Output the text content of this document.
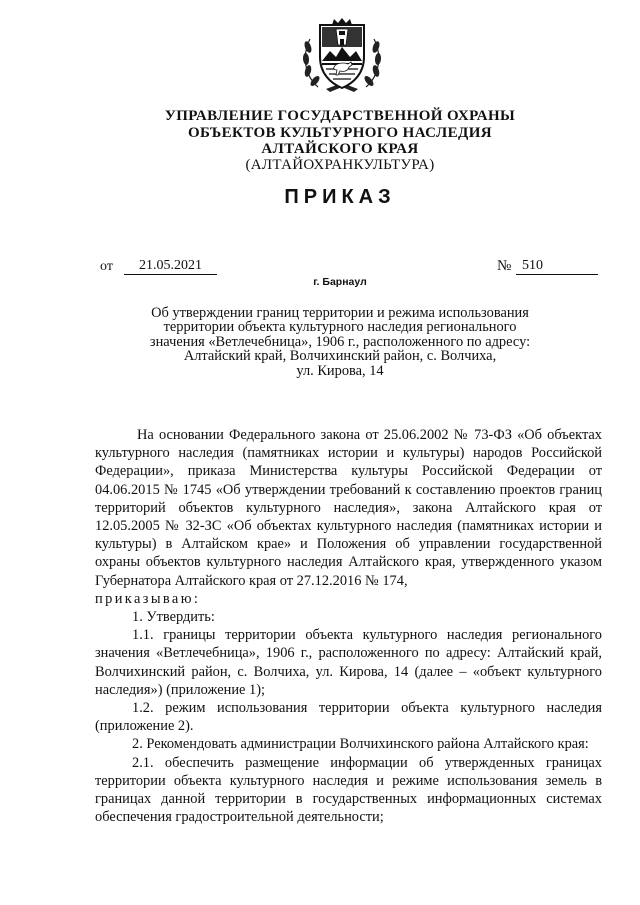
УПРАВЛЕНИЕ ГОСУДАРСТВЕННОЙ ОХРАНЫ
ОБЪЕКТОВ КУЛЬТУРНОГО НАСЛЕДИЯ
АЛТАЙСКОГО КРАЯ
(АЛТАЙОХРАНКУЛЬТУРА)
ПРИКАЗ
от	21.05.2021	№ 510
г. Барнаул
Об утверждении границ территории и режима использования
территории объекта культурного наследия регионального
значения «Ветлечебница», 1906 г., расположенного по адресу:
Алтайский край, Волчихинский район, с. Волчиха,
ул. Кирова, 14

На основании Федерального закона от 25.06.2002 № 73-ФЗ «Об объектах культурного наследия (памятниках истории и культуры) народов Российской Федерации», приказа Министерства культуры Российской Федерации от 04.06.2015 № 1745 «Об утверждении требований к составлению проектов границ территорий объектов культурного наследия», закона Алтайского края от 12.05.2005 № 32-ЗС «Об объектах культурного наследия (памятниках истории и культуры) в Алтайском крае» и Положения об управлении государственной охраны объектов культурного наследия Алтайского края, утвержденного указом Губернатора Алтайского края от 27.12.2016 № 174,

приказываю:

1. Утвердить:

1.1. границы территории объекта культурного наследия регионального значения «Ветлечебница», 1906 г., расположенного по адресу: Алтайский край, Волчихинский район, с. Волчиха, ул. Кирова, 14 (далее – «объект культурного наследия») (приложение 1);

1.2. режим использования территории объекта культурного наследия (приложение 2).

2. Рекомендовать администрации Волчихинского района Алтайского края:

2.1. обеспечить размещение информации об утвержденных границах территории объекта культурного наследия и режиме использования земель в границах данной территории в государственных информационных системах обеспечения градостроительной деятельности;
